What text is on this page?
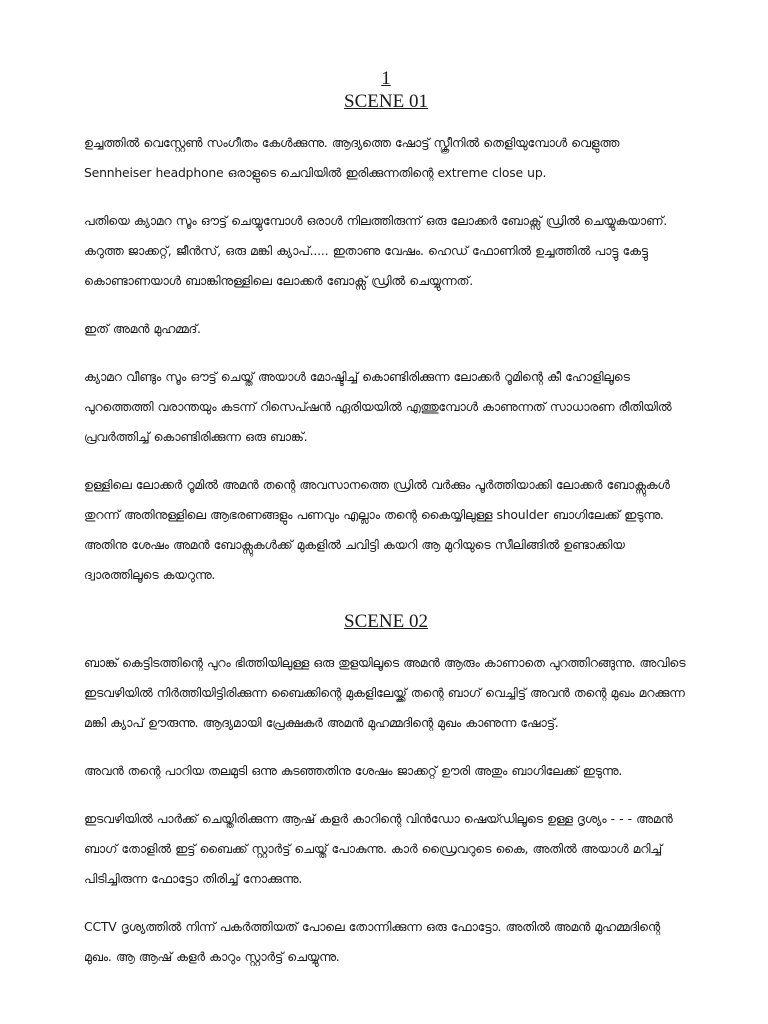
1
SCENE 01

ഉച്ചത്തിൽ വെസ്റ്റേൺ സംഗീതം കേൾക്കുന്നു. ആദ്യത്തെ ഷോട്ട് സ്ക്രീനിൽ തെളിയുമ്പോൾ വെളുത്ത Sennheiser headphone ഒരാളുടെ ചെവിയിൽ ഇരിക്കുന്നതിന്റെ extreme close up.

പതിയെ ക്യാമറ സൂം ഔട്ട് ചെയ്യുമ്പോൾ ഒരാൾ നിലത്തിരുന്ന് ഒരു ലോക്കർ ബോക്സ് ഡ്രിൽ ചെയ്യുകയാണ്. കറുത്ത ജാക്കറ്റ്, ജീൻസ്, ഒരു മങ്കി ക്യാപ്..... ഇതാണു വേഷം. ഹെഡ് ഫോണിൽ ഉച്ചത്തിൽ പാട്ടു കേട്ടു കൊണ്ടാണയാൾ ബാങ്കിനുള്ളിലെ ലോക്കർ ബോക്സ് ഡ്രിൽ ചെയ്യുന്നത്.

ഇത് അമൻ മുഹമ്മദ്.

ക്യാമറ വീണ്ടും സൂം ഔട്ട് ചെയ്ത് അയാൾ മോഷ്ടിച്ച് കൊണ്ടിരിക്കുന്ന ലോക്കർ റൂമിന്റെ കീ ഹോളിലൂടെ പുറത്തെത്തി വരാന്തയും കടന്ന് റിസെപ്ഷൻ ഏരിയയിൽ എത്തുമ്പോൾ കാണുന്നത് സാധാരണ രീതിയിൽ പ്രവർത്തിച്ച് കൊണ്ടിരിക്കുന്ന ഒരു ബാങ്ക്.

ഉള്ളിലെ ലോക്കർ റൂമിൽ അമൻ തന്റെ അവസാനത്തെ ഡ്രിൽ വർക്കും പൂർത്തിയാക്കി ലോക്കർ ബോക്സുകൾ തുറന്ന് അതിനുള്ളിലെ ആഭരണങ്ങളും പണവും എല്ലാം തന്റെ കൈയ്യിലുള്ള shoulder ബാഗിലേക്ക് ഇടുന്നു. അതിനു ശേഷം അമൻ ബോക്സുകൾക്ക് മുകളിൽ ചവിട്ടി കയറി ആ മുറിയുടെ സീലിങ്ങിൽ ഉണ്ടാക്കിയ ദ്വാരത്തിലൂടെ കയറുന്നു.

SCENE 02

ബാങ്ക് കെട്ടിടത്തിന്റെ പുറം ഭിത്തിയിലുള്ള ഒരു തുളയിലൂടെ അമൻ ആരും കാണാതെ പുറത്തിറങ്ങുന്നു. അവിടെ ഇടവഴിയിൽ നിർത്തിയിട്ടിരിക്കുന്ന ബൈക്കിന്റെ മുകളിലേയ്ക്ക് തന്റെ ബാഗ് വെച്ചിട്ട് അവൻ തന്റെ മുഖം മറക്കുന്ന മങ്കി ക്യാപ് ഊരുന്നു. ആദ്യമായി പ്രേക്ഷകർ അമൻ മുഹമ്മദിന്റെ മുഖം കാണുന്ന ഷോട്ട്.

അവൻ തന്റെ പാറിയ തലമുടി ഒന്നു കുടഞ്ഞതിനു ശേഷം ജാക്കറ്റ് ഊരി അതും ബാഗിലേക്ക് ഇടുന്നു.

ഇടവഴിയിൽ പാർക്ക് ചെയ്തിരിക്കുന്ന ആഷ് കളർ കാറിന്റെ വിൻഡോ ഷെയ്ഡിലൂടെ ഉള്ള ദൃശ്യം - - - അമൻ ബാഗ് തോളിൽ ഇട്ട് ബൈക്ക് സ്റ്റാർട്ട് ചെയ്ത് പോകുന്നു. കാർ ഡ്രൈവറുടെ കൈ, അതിൽ അയാൾ മറിച്ച് പിടിച്ചിരുന്ന ഫോട്ടോ തിരിച്ച് നോക്കുന്നു.

CCTV ദൃശ്യത്തിൽ നിന്ന് പകർത്തിയത് പോലെ തോന്നിക്കുന്ന ഒരു ഫോട്ടോ. അതിൽ അമൻ മുഹമ്മദിന്റെ മുഖം. ആ ആഷ് കളർ കാറും സ്റ്റാർട്ട് ചെയ്യുന്നു.
